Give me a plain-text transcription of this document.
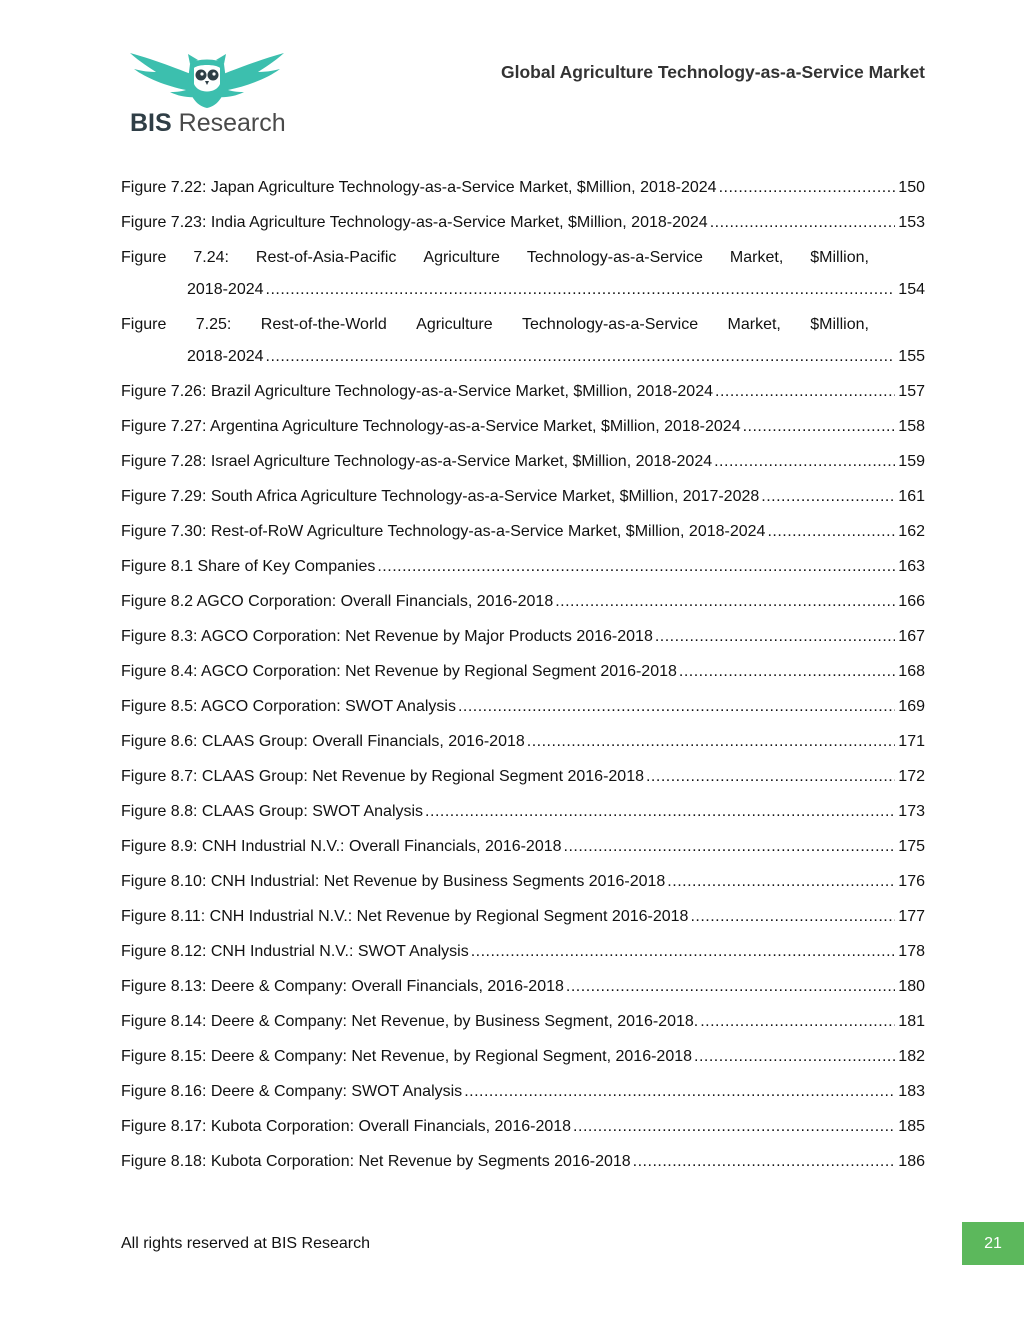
BIS Research
Global Agriculture Technology-as-a-Service Market
Figure 7.22: Japan Agriculture Technology-as-a-Service Market, $Million, 2018-2024 .....	150
Figure 7.23: India Agriculture Technology-as-a-Service Market, $Million, 2018-2024 .....	153
Figure 7.24: Rest-of-Asia-Pacific Agriculture Technology-as-a-Service Market, $Million,
2018-2024 .....	154
Figure 7.25: Rest-of-the-World Agriculture Technology-as-a-Service Market, $Million,
2018-2024 .....	155
Figure 7.26: Brazil Agriculture Technology-as-a-Service Market, $Million, 2018-2024 .....	157
Figure 7.27: Argentina Agriculture Technology-as-a-Service Market, $Million, 2018-2024 .....	158
Figure 7.28: Israel Agriculture Technology-as-a-Service Market, $Million, 2018-2024 .....	159
Figure 7.29: South Africa Agriculture Technology-as-a-Service Market, $Million, 2017-2028 .....	161
Figure 7.30: Rest-of-RoW Agriculture Technology-as-a-Service Market, $Million, 2018-2024 .....	162
Figure 8.1 Share of Key Companies .....	163
Figure 8.2 AGCO Corporation: Overall Financials, 2016-2018 .....	166
Figure 8.3: AGCO Corporation: Net Revenue by Major Products 2016-2018 .....	167
Figure 8.4: AGCO Corporation: Net Revenue by Regional Segment 2016-2018 .....	168
Figure 8.5: AGCO Corporation: SWOT Analysis .....	169
Figure 8.6: CLAAS Group: Overall Financials, 2016-2018 .....	171
Figure 8.7: CLAAS Group: Net Revenue by Regional Segment 2016-2018 .....	172
Figure 8.8: CLAAS Group: SWOT Analysis .....	173
Figure 8.9: CNH Industrial N.V.: Overall Financials, 2016-2018 .....	175
Figure 8.10: CNH Industrial: Net Revenue by Business Segments 2016-2018 .....	176
Figure 8.11: CNH Industrial N.V.: Net Revenue by Regional Segment 2016-2018 .....	177
Figure 8.12: CNH Industrial N.V.: SWOT Analysis .....	178
Figure 8.13: Deere & Company: Overall Financials, 2016-2018 .....	180
Figure 8.14: Deere & Company: Net Revenue, by Business Segment, 2016-2018. .....	181
Figure 8.15: Deere & Company: Net Revenue, by Regional Segment, 2016-2018 .....	182
Figure 8.16: Deere & Company: SWOT Analysis .....	183
Figure 8.17: Kubota Corporation: Overall Financials, 2016-2018 .....	185
Figure 8.18: Kubota Corporation: Net Revenue by Segments 2016-2018 .....	186
All rights reserved at BIS Research	21
